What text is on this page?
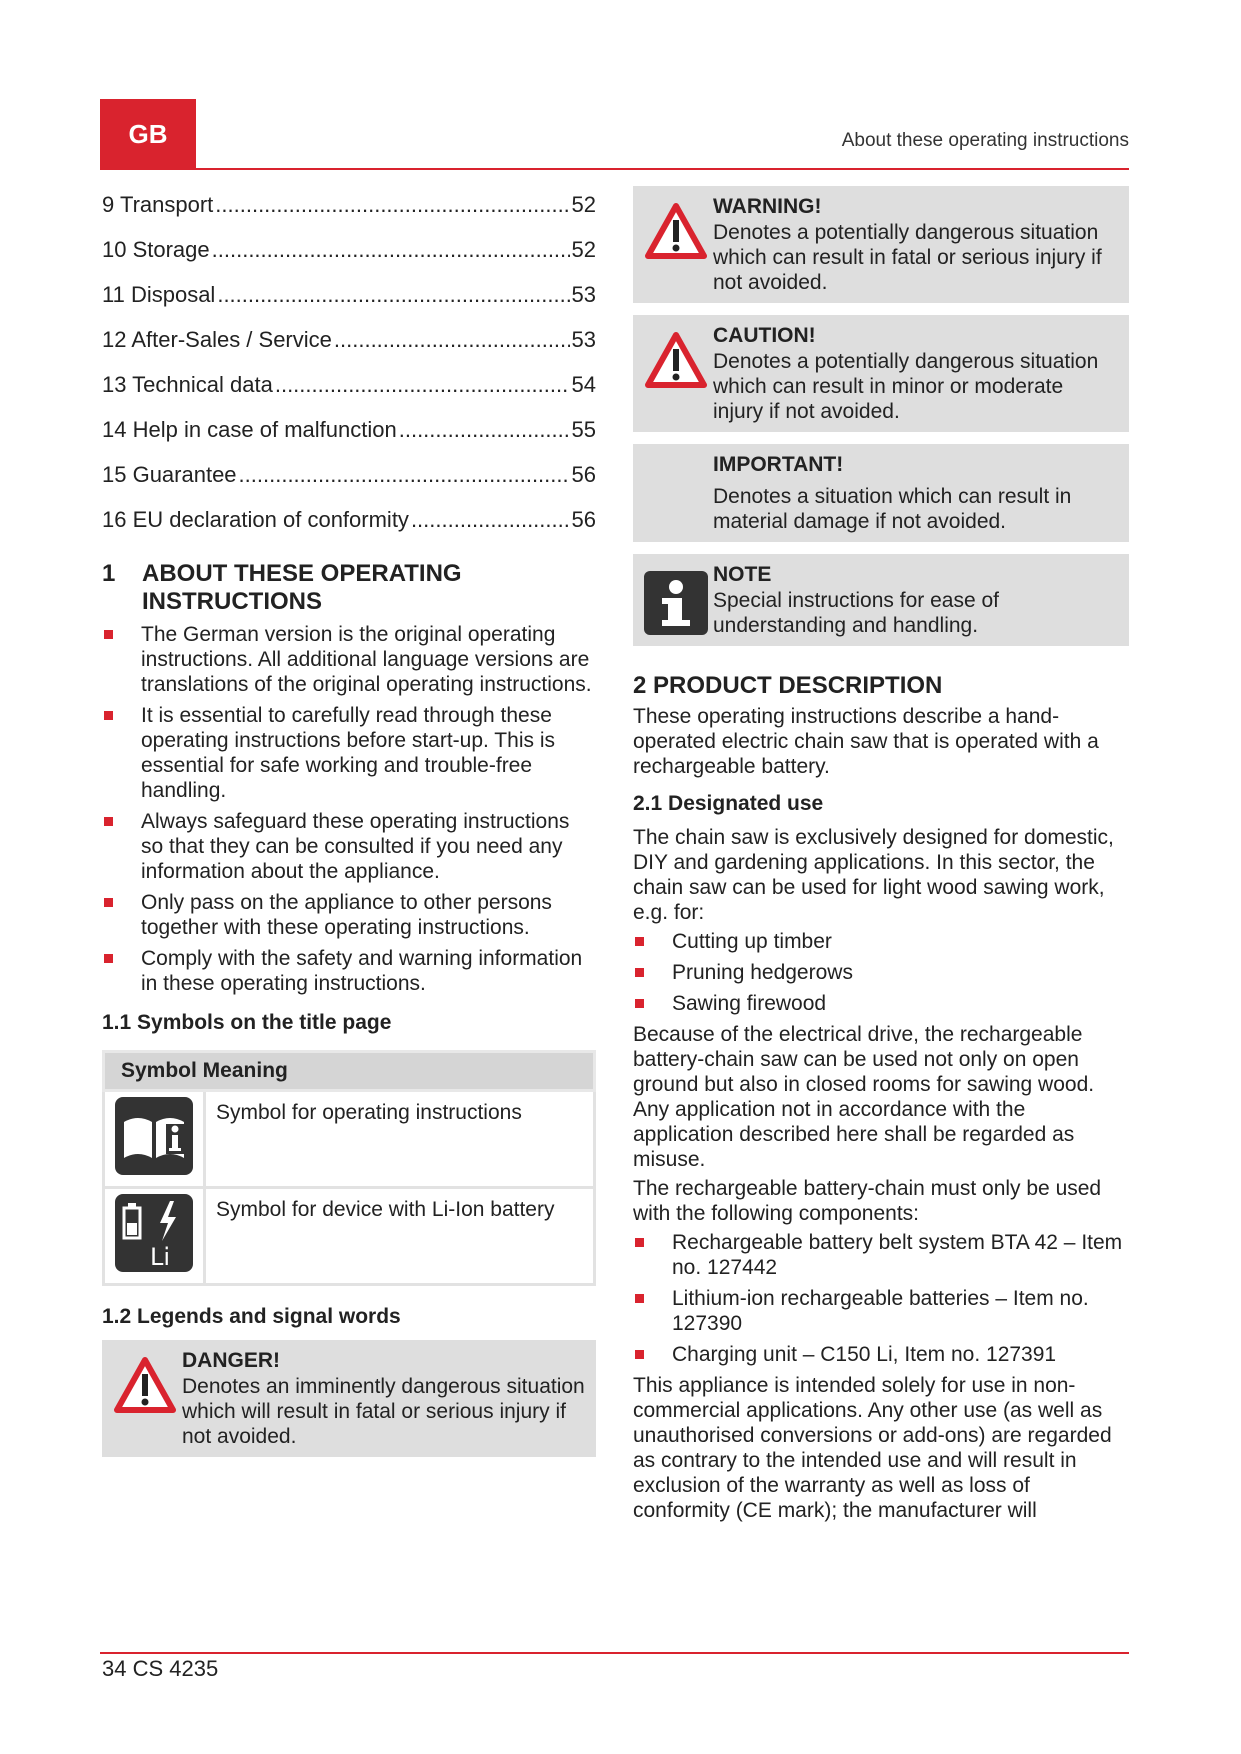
GB	About these operating instructions
9 Transport .....	52
10 Storage .....	52
11 Disposal .....	53
12 After-Sales / Service .....	53
13 Technical data .....	54
14 Help in case of malfunction .....	55
15 Guarantee .....	56
16 EU declaration of conformity .....	56
1	ABOUT THESE OPERATING INSTRUCTIONS
The German version is the original operating instructions. All additional language versions are translations of the original operating instructions.
It is essential to carefully read through these operating instructions before start-up. This is essential for safe working and trouble-free handling.
Always safeguard these operating instructions so that they can be consulted if you need any information about the appliance.
Only pass on the appliance to other persons together with these operating instructions.
Comply with the safety and warning information in these operating instructions.
1.1 Symbols on the title page
Symbol Meaning	
	Symbol for operating instructions

Li	Symbol for device with Li-Ion battery
1.2 Legends and signal words
DANGER!
Denotes an imminently dangerous situation which will result in fatal or serious injury if not avoided.
WARNING!
Denotes a potentially dangerous situation which can result in fatal or serious injury if not avoided.
CAUTION!
Denotes a potentially dangerous situation which can result in minor or moderate injury if not avoided.
IMPORTANT!
Denotes a situation which can result in material damage if not avoided.
NOTE
Special instructions for ease of understanding and handling.
2 PRODUCT DESCRIPTION

These operating instructions describe a hand-operated electric chain saw that is operated with a rechargeable battery.

2.1 Designated use

The chain saw is exclusively designed for domestic, DIY and gardening applications. In this sector, the chain saw can be used for light wood sawing work, e.g. for:

Cutting up timber
Pruning hedgerows
Sawing firewood

Because of the electrical drive, the rechargeable battery-chain saw can be used not only on open ground but also in closed rooms for sawing wood. Any application not in accordance with the application described here shall be regarded as misuse.

The rechargeable battery-chain must only be used with the following components:

Rechargeable battery belt system BTA 42 – Item no. 127442
Lithium-ion rechargeable batteries – Item no. 127390
Charging unit – C150 Li, Item no. 127391

This appliance is intended solely for use in non-commercial applications. Any other use (as well as unauthorised conversions or add-ons) are regarded as contrary to the intended use and will result in exclusion of the warranty as well as loss of conformity (CE mark); the manufacturer will

34 CS 4235
